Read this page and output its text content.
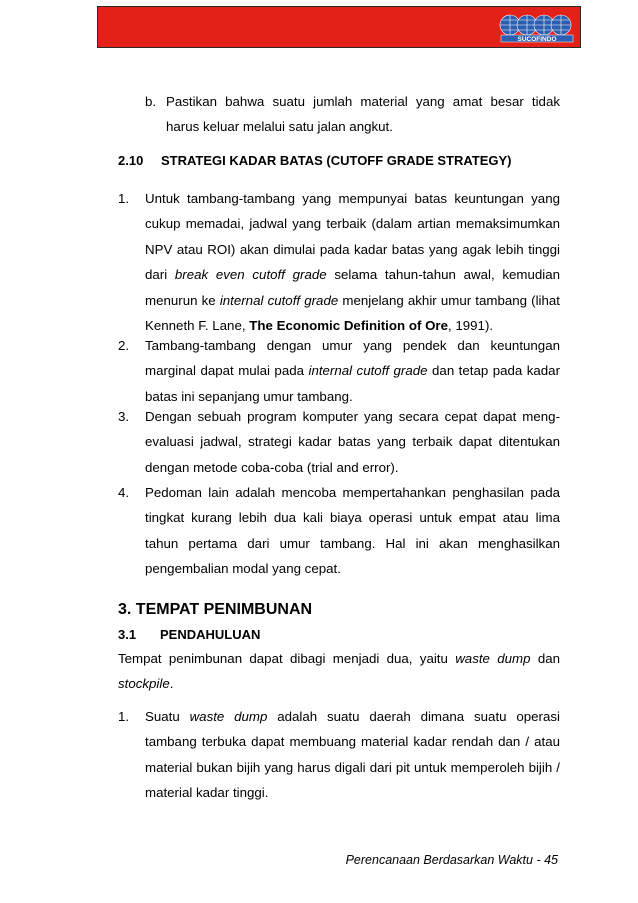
SUCOFINDO
b. Pastikan bahwa suatu jumlah material yang amat besar tidak harus keluar melalui satu jalan angkut.

2.10 STRATEGI KADAR BATAS (CUTOFF GRADE STRATEGY)
1. Untuk tambang-tambang yang mempunyai batas keuntungan yang cukup memadai, jadwal yang terbaik (dalam artian memaksimumkan NPV atau ROI) akan dimulai pada kadar batas yang agak lebih tinggi dari break even cutoff grade selama tahun-tahun awal, kemudian menurun ke internal cutoff grade menjelang akhir umur tambang (lihat Kenneth F. Lane, The Economic Definition of Ore, 1991).

2. Tambang-tambang dengan umur yang pendek dan keuntungan marginal dapat mulai pada internal cutoff grade dan tetap pada kadar batas ini sepanjang umur tambang.

3. Dengan sebuah program komputer yang secara cepat dapat meng-evaluasi jadwal, strategi kadar batas yang terbaik dapat ditentukan dengan metode coba-coba (trial and error).

4. Pedoman lain adalah mencoba mempertahankan penghasilan pada tingkat kurang lebih dua kali biaya operasi untuk empat atau lima tahun pertama dari umur tambang. Hal ini akan menghasilkan pengembalian modal yang cepat.

3. TEMPAT PENIMBUNAN
3.1 PENDAHULUAN

Tempat penimbunan dapat dibagi menjadi dua, yaitu waste dump dan stockpile.

1. Suatu waste dump adalah suatu daerah dimana suatu operasi tambang terbuka dapat membuang material kadar rendah dan / atau material bukan bijih yang harus digali dari pit untuk memperoleh bijih / material kadar tinggi.

Perencanaan Berdasarkan Waktu - 45
